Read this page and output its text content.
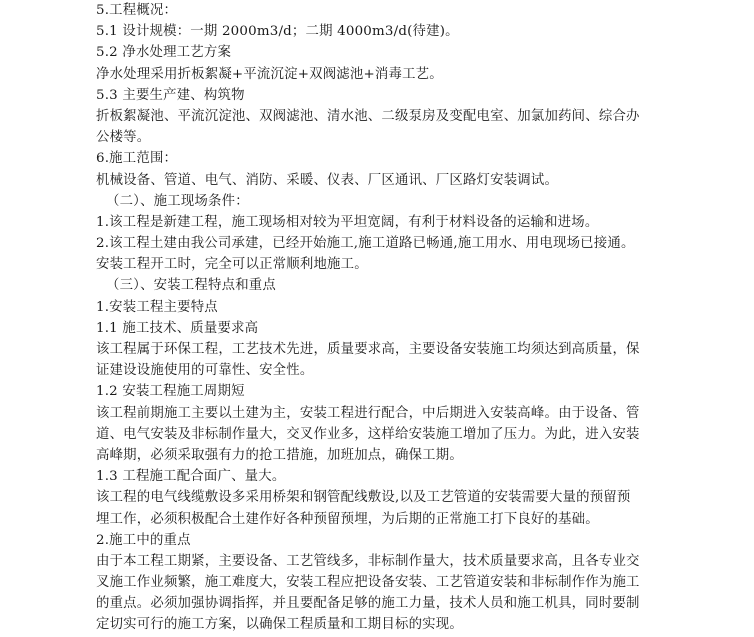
5.工程概况：
5.1 设计规模：一期 2000m3/d；二期 4000m3/d(待建)。
5.2 净水处理工艺方案
净水处理采用折板絮凝+平流沉淀+双阀滤池+消毒工艺。
5.3 主要生产建、构筑物
折板絮凝池、平流沉淀池、双阀滤池、清水池、二级泵房及变配电室、加氯加药间、综合办
公楼等。
6.施工范围：
机械设备、管道、电气、消防、采暖、仪表、厂区通讯、厂区路灯安装调试。
（二）、施工现场条件：
1.该工程是新建工程，施工现场相对较为平坦宽阔，有利于材料设备的运输和进场。
2.该工程土建由我公司承建，已经开始施工,施工道路已畅通,施工用水、用电现场已接通。
安装工程开工时，完全可以正常顺利地施工。
（三）、安装工程特点和重点
1.安装工程主要特点
1.1 施工技术、质量要求高
该工程属于环保工程，工艺技术先进，质量要求高，主要设备安装施工均须达到高质量，保
证建设设施使用的可靠性、安全性。
1.2 安装工程施工周期短
该工程前期施工主要以土建为主，安装工程进行配合，中后期进入安装高峰。由于设备、管
道、电气安装及非标制作量大，交叉作业多，这样给安装施工增加了压力。为此，进入安装
高峰期，必须采取强有力的抢工措施，加班加点，确保工期。
1.3 工程施工配合面广、量大。
该工程的电气线缆敷设多采用桥架和钢管配线敷设,以及工艺管道的安装需要大量的预留预
埋工作，必须积极配合土建作好各种预留预埋，为后期的正常施工打下良好的基础。
2.施工中的重点
由于本工程工期紧，主要设备、工艺管线多，非标制作量大，技术质量要求高，且各专业交
叉施工作业频繁，施工难度大，安装工程应把设备安装、工艺管道安装和非标制作作为施工
的重点。必须加强协调指挥，并且要配备足够的施工力量，技术人员和施工机具，同时要制
定切实可行的施工方案，以确保工程质量和工期目标的实现。
